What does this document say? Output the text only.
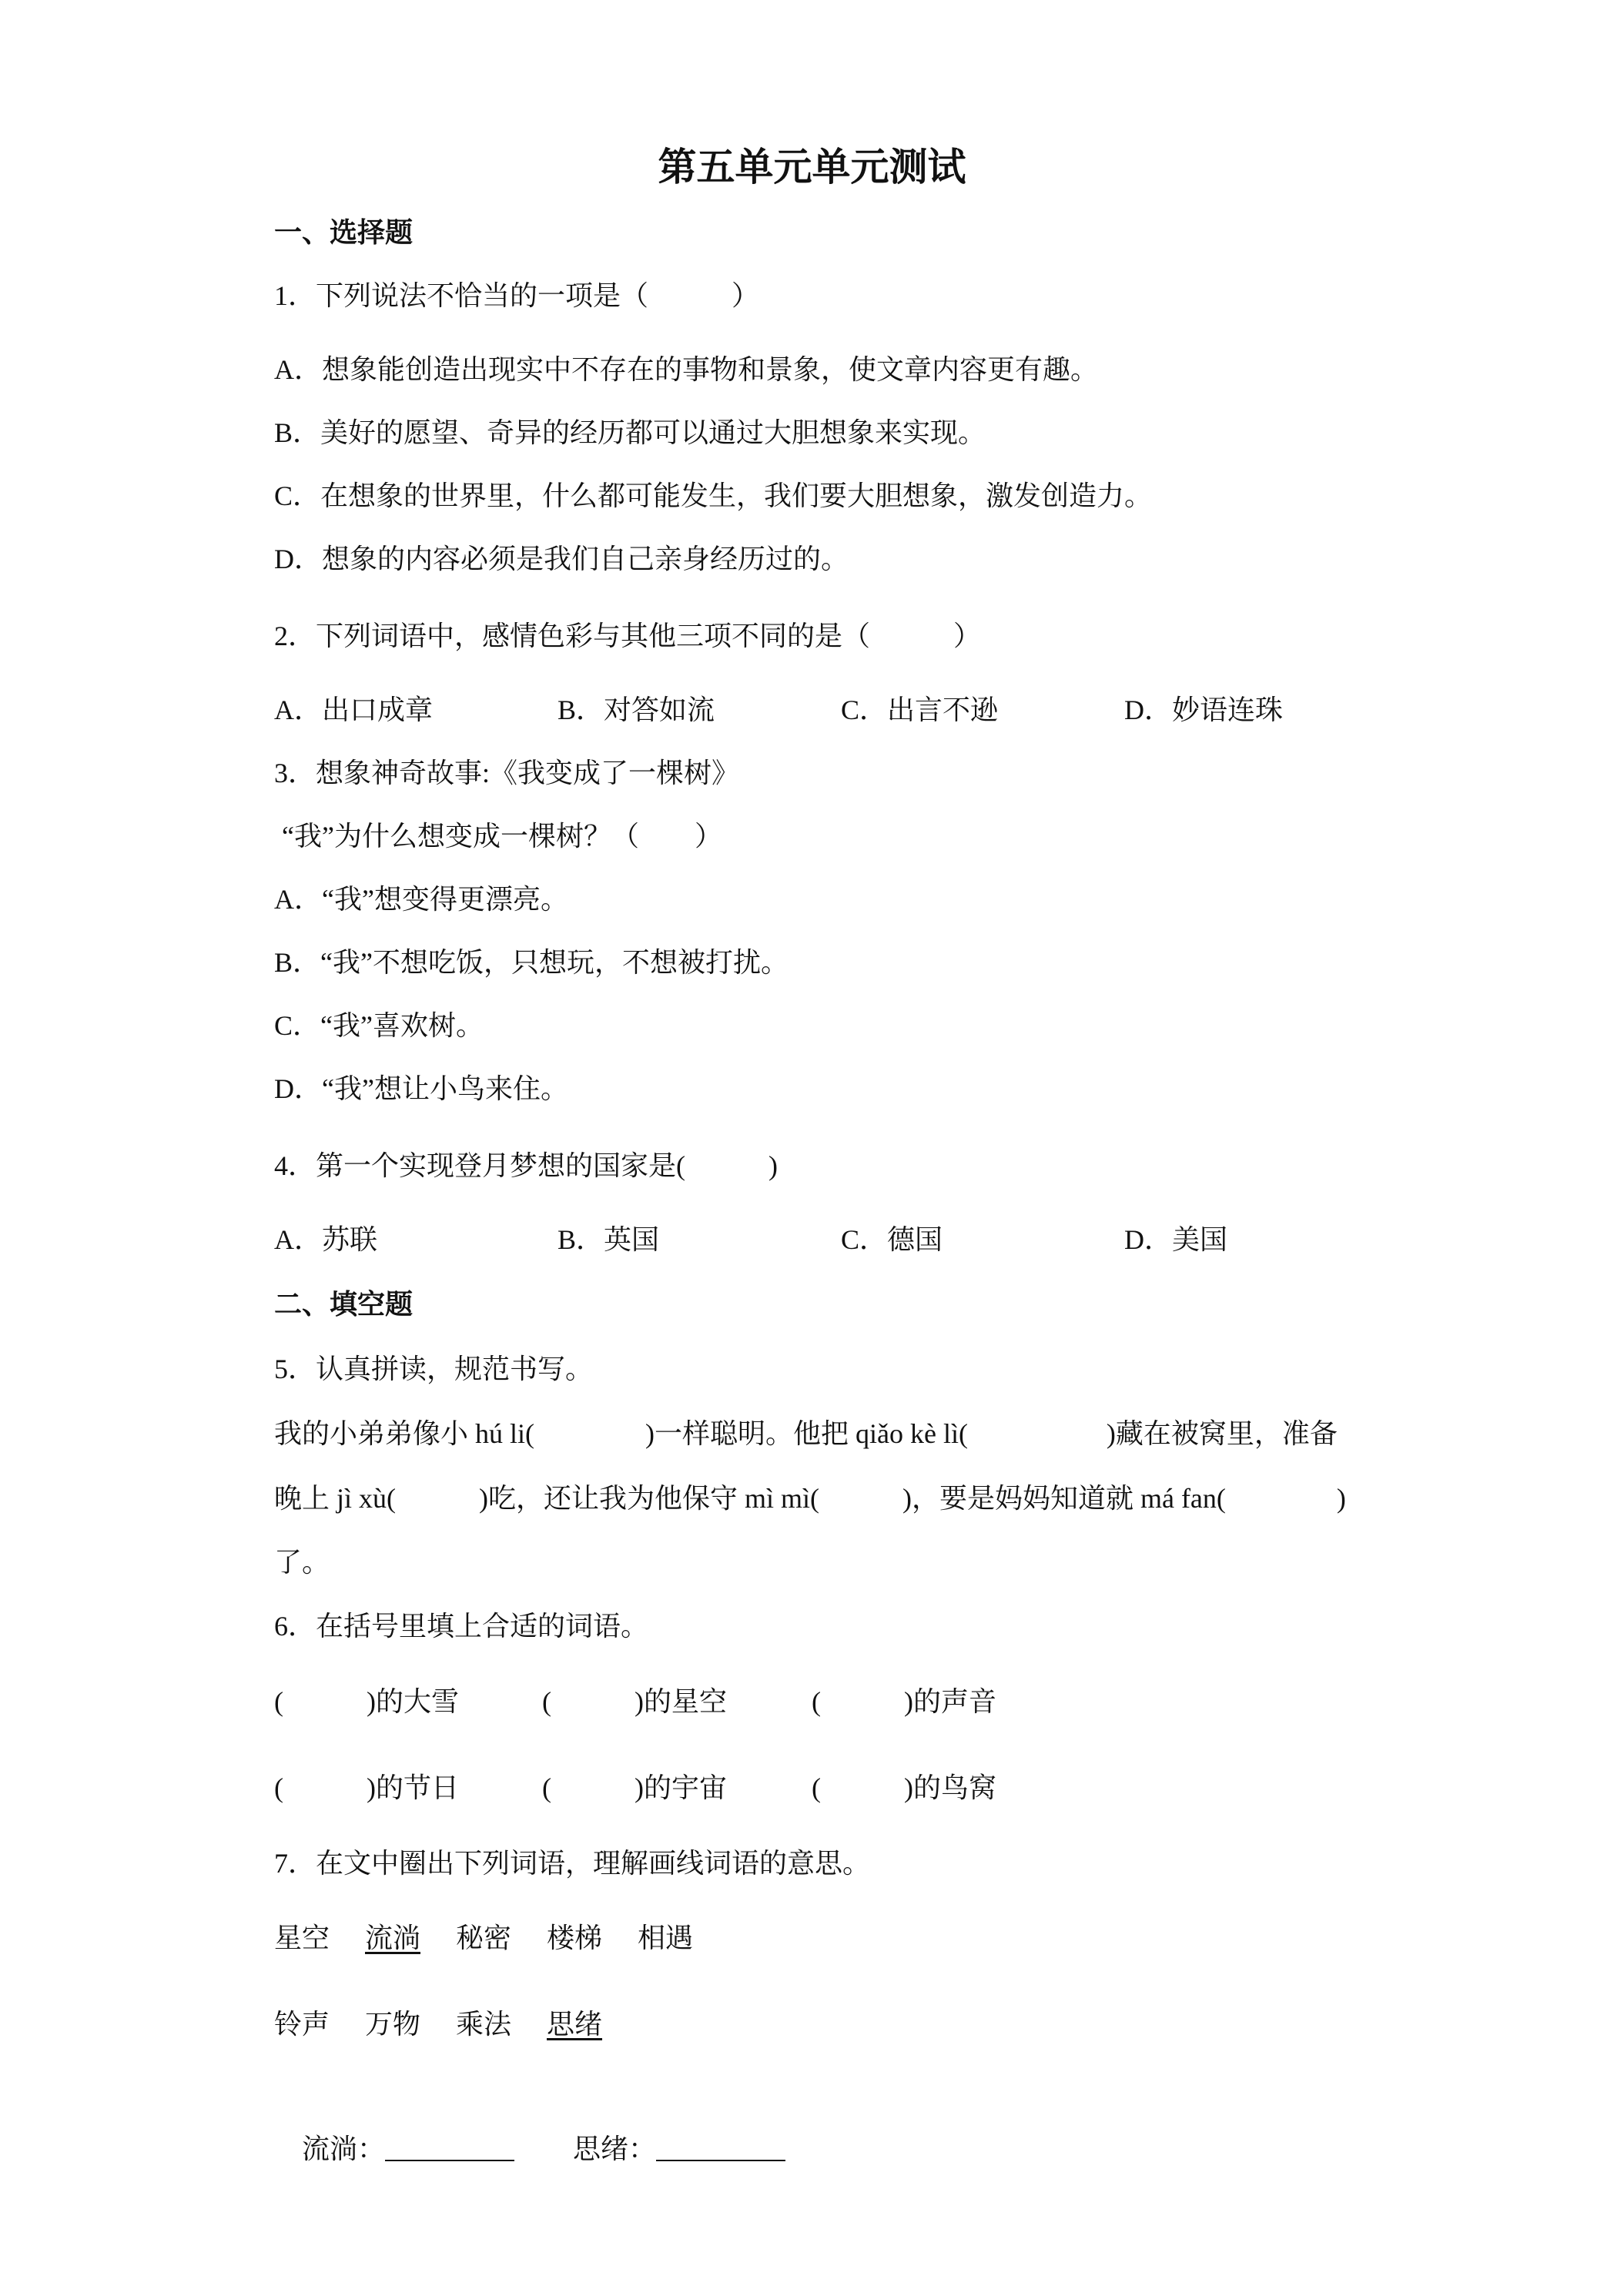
第五单元单元测试
一、选择题
1．下列说法不恰当的一项是（　　　）
A．想象能创造出现实中不存在的事物和景象，使文章内容更有趣。
B．美好的愿望、奇异的经历都可以通过大胆想象来实现。
C．在想象的世界里，什么都可能发生，我们要大胆想象，激发创造力。
D．想象的内容必须是我们自己亲身经历过的。
2．下列词语中，感情色彩与其他三项不同的是（　　　）
A．出口成章	B．对答如流	C．出言不逊	D．妙语连珠
3．想象神奇故事:《我变成了一棵树》
“我”为什么想变成一棵树？（　　）
A．“我”想变得更漂亮。
B．“我”不想吃饭，只想玩，不想被打扰。
C．“我”喜欢树。
D．“我”想让小鸟来住。
4．第一个实现登月梦想的国家是(　　　)
A．苏联	B．英国	C．德国	D．美国
二、填空题
5．认真拼读，规范书写。
我的小弟弟像小 hú li(　　　　)一样聪明。他把 qiǎo kè lì(　　　　　)藏在被窝里，准备
晚上 jì xù(　　　)吃，还让我为他保守 mì mì(　　　)，要是妈妈知道就 má fan(　　　　)
了。
6．在括号里填上合适的词语。
(　　　)的大雪	(　　　)的星空	(　　　)的声音
(　　　)的节日	(　　　)的宇宙	(　　　)的鸟窝
7．在文中圈出下列词语，理解画线词语的意思。
星空 流淌 秘密 楼梯 相遇
铃声 万物 乘法 思绪

流淌：
	思绪：
